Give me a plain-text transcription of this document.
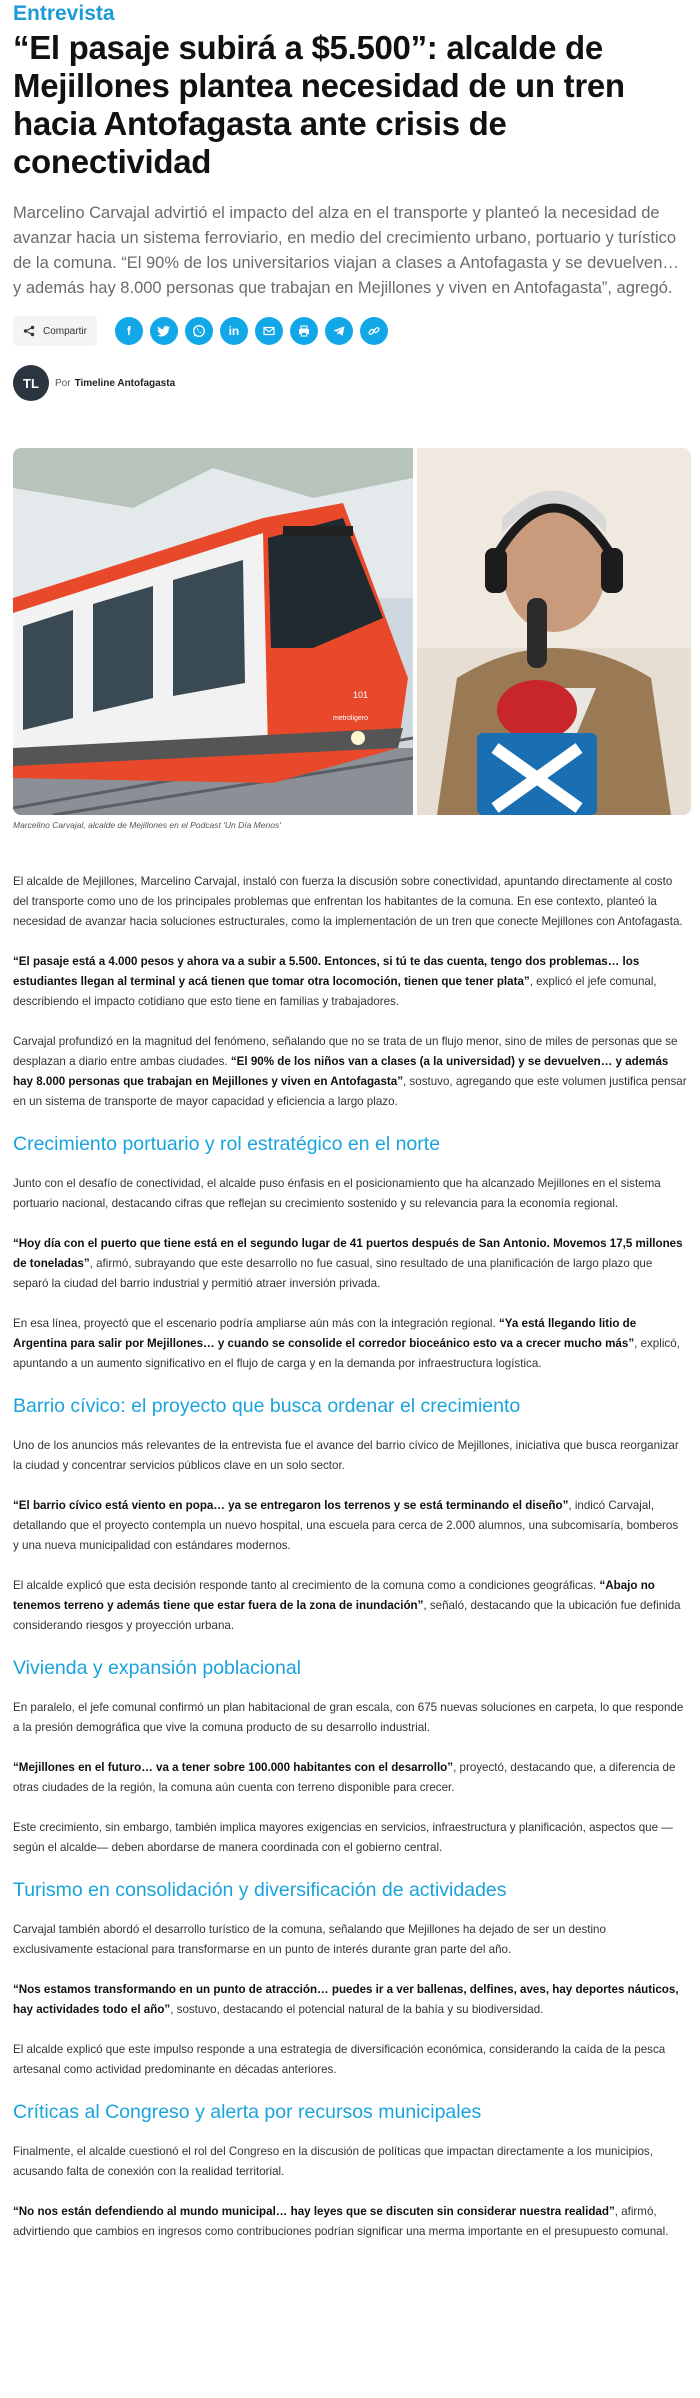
Entrevista
“El pasaje subirá a $5.500”: alcalde de Mejillones plantea necesidad de un tren hacia Antofagasta ante crisis de conectividad

Marcelino Carvajal advirtió el impacto del alza en el transporte y planteó la necesidad de avanzar hacia un sistema ferroviario, en medio del crecimiento urbano, portuario y turístico de la comuna. “El 90% de los universitarios viajan a clases a Antofagasta y se devuelven… y además hay 8.000 personas que trabajan en Mejillones y viven en Antofagasta”, agregó.

Compartir	f	in
TL	Por Timeline Antofagasta
101
metroligero

Marcelino Carvajal, alcalde de Mejillones en el Podcast 'Un Día Menos'

El alcalde de Mejillones, Marcelino Carvajal, instaló con fuerza la discusión sobre conectividad, apuntando directamente al costo del transporte como uno de los principales problemas que enfrentan los habitantes de la comuna. En ese contexto, planteó la necesidad de avanzar hacia soluciones estructurales, como la implementación de un tren que conecte Mejillones con Antofagasta.

“El pasaje está a 4.000 pesos y ahora va a subir a 5.500. Entonces, si tú te das cuenta, tengo dos problemas… los estudiantes llegan al terminal y acá tienen que tomar otra locomoción, tienen que tener plata”, explicó el jefe comunal, describiendo el impacto cotidiano que esto tiene en familias y trabajadores.

Carvajal profundizó en la magnitud del fenómeno, señalando que no se trata de un flujo menor, sino de miles de personas que se desplazan a diario entre ambas ciudades. “El 90% de los niños van a clases (a la universidad) y se devuelven… y además hay 8.000 personas que trabajan en Mejillones y viven en Antofagasta”, sostuvo, agregando que este volumen justifica pensar en un sistema de transporte de mayor capacidad y eficiencia a largo plazo.

Crecimiento portuario y rol estratégico en el norte

Junto con el desafío de conectividad, el alcalde puso énfasis en el posicionamiento que ha alcanzado Mejillones en el sistema portuario nacional, destacando cifras que reflejan su crecimiento sostenido y su relevancia para la economía regional.

“Hoy día con el puerto que tiene está en el segundo lugar de 41 puertos después de San Antonio. Movemos 17,5 millones de toneladas”, afirmó, subrayando que este desarrollo no fue casual, sino resultado de una planificación de largo plazo que separó la ciudad del barrio industrial y permitió atraer inversión privada.

En esa línea, proyectó que el escenario podría ampliarse aún más con la integración regional. “Ya está llegando litio de Argentina para salir por Mejillones… y cuando se consolide el corredor bioceánico esto va a crecer mucho más”, explicó, apuntando a un aumento significativo en el flujo de carga y en la demanda por infraestructura logística.

Barrio cívico: el proyecto que busca ordenar el crecimiento

Uno de los anuncios más relevantes de la entrevista fue el avance del barrio cívico de Mejillones, iniciativa que busca reorganizar la ciudad y concentrar servicios públicos clave en un solo sector.

“El barrio cívico está viento en popa… ya se entregaron los terrenos y se está terminando el diseño”, indicó Carvajal, detallando que el proyecto contempla un nuevo hospital, una escuela para cerca de 2.000 alumnos, una subcomisaría, bomberos y una nueva municipalidad con estándares modernos.

El alcalde explicó que esta decisión responde tanto al crecimiento de la comuna como a condiciones geográficas. “Abajo no tenemos terreno y además tiene que estar fuera de la zona de inundación”, señaló, destacando que la ubicación fue definida considerando riesgos y proyección urbana.

Vivienda y expansión poblacional

En paralelo, el jefe comunal confirmó un plan habitacional de gran escala, con 675 nuevas soluciones en carpeta, lo que responde a la presión demográfica que vive la comuna producto de su desarrollo industrial.

“Mejillones en el futuro… va a tener sobre 100.000 habitantes con el desarrollo”, proyectó, destacando que, a diferencia de otras ciudades de la región, la comuna aún cuenta con terreno disponible para crecer.

Este crecimiento, sin embargo, también implica mayores exigencias en servicios, infraestructura y planificación, aspectos que —según el alcalde— deben abordarse de manera coordinada con el gobierno central.

Turismo en consolidación y diversificación de actividades

Carvajal también abordó el desarrollo turístico de la comuna, señalando que Mejillones ha dejado de ser un destino exclusivamente estacional para transformarse en un punto de interés durante gran parte del año.

“Nos estamos transformando en un punto de atracción… puedes ir a ver ballenas, delfines, aves, hay deportes náuticos, hay actividades todo el año”, sostuvo, destacando el potencial natural de la bahía y su biodiversidad.

El alcalde explicó que este impulso responde a una estrategia de diversificación económica, considerando la caída de la pesca artesanal como actividad predominante en décadas anteriores.

Críticas al Congreso y alerta por recursos municipales

Finalmente, el alcalde cuestionó el rol del Congreso en la discusión de políticas que impactan directamente a los municipios, acusando falta de conexión con la realidad territorial.

“No nos están defendiendo al mundo municipal… hay leyes que se discuten sin considerar nuestra realidad”, afirmó, advirtiendo que cambios en ingresos como contribuciones podrían significar una merma importante en el presupuesto comunal.
